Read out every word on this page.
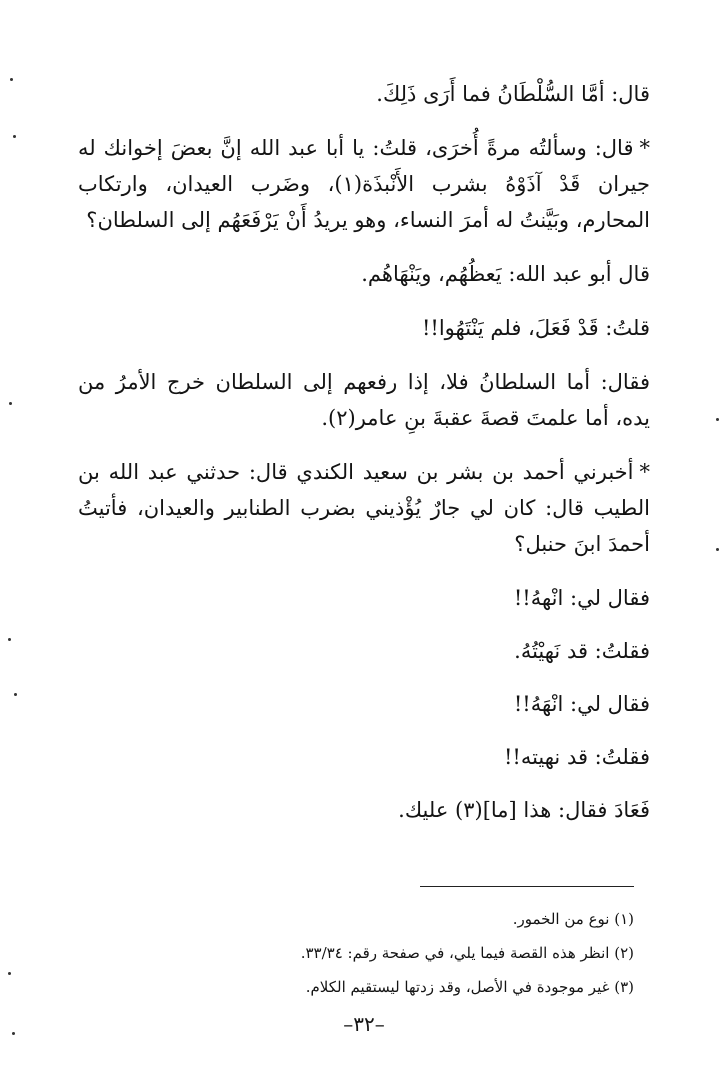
قال: أمَّا السُّلْطَانُ فما أَرَى ذَلِكَ.

*قال: وسألتُه مرةً أُخرَى، قلتُ: يا أبا عبد الله إنَّ بعضَ إخوانك له جيران قَدْ آذَوْهُ بشرب الأَنْبذَة(١)، وضَرب العيدان، وارتكاب المحارم، وبَيَّنتُ له أمرَ النساء، وهو يريدُ أَنْ يَرْفَعَهُم إلى السلطان؟

قال أبو عبد الله: يَعظُهُم، ويَنْهَاهُم.

قلتُ: قَدْ فَعَلَ، فلم يَنْتَهُوا!!

فقال: أما السلطانُ فلا، إذا رفعهم إلى السلطان خرج الأمرُ من يده، أما علمتَ قصةَ عقبةَ بنِ عامر(٢).

*أخبرني أحمد بن بشر بن سعيد الكندي قال: حدثني عبد الله بن الطيب قال: كان لي جارٌ يُؤْذيني بضرب الطنابير والعيدان، فأتيتُ أحمدَ ابنَ حنبل؟

فقال لي: انْههُ!!

فقلتُ: قد نَهيْتُهُ.

فقال لي: انْهَهُ!!

فقلتُ: قد نهيته!!

فَعَادَ فقال: هذا [ما](٣) عليك.

(١) نوع من الخمور.

(٢) انظر هذه القصة فيما يلي، في صفحة رقم: ٣٣/٣٤.

(٣) غير موجودة في الأصل، وقد زدتها ليستقيم الكلام.

–٣٢–
